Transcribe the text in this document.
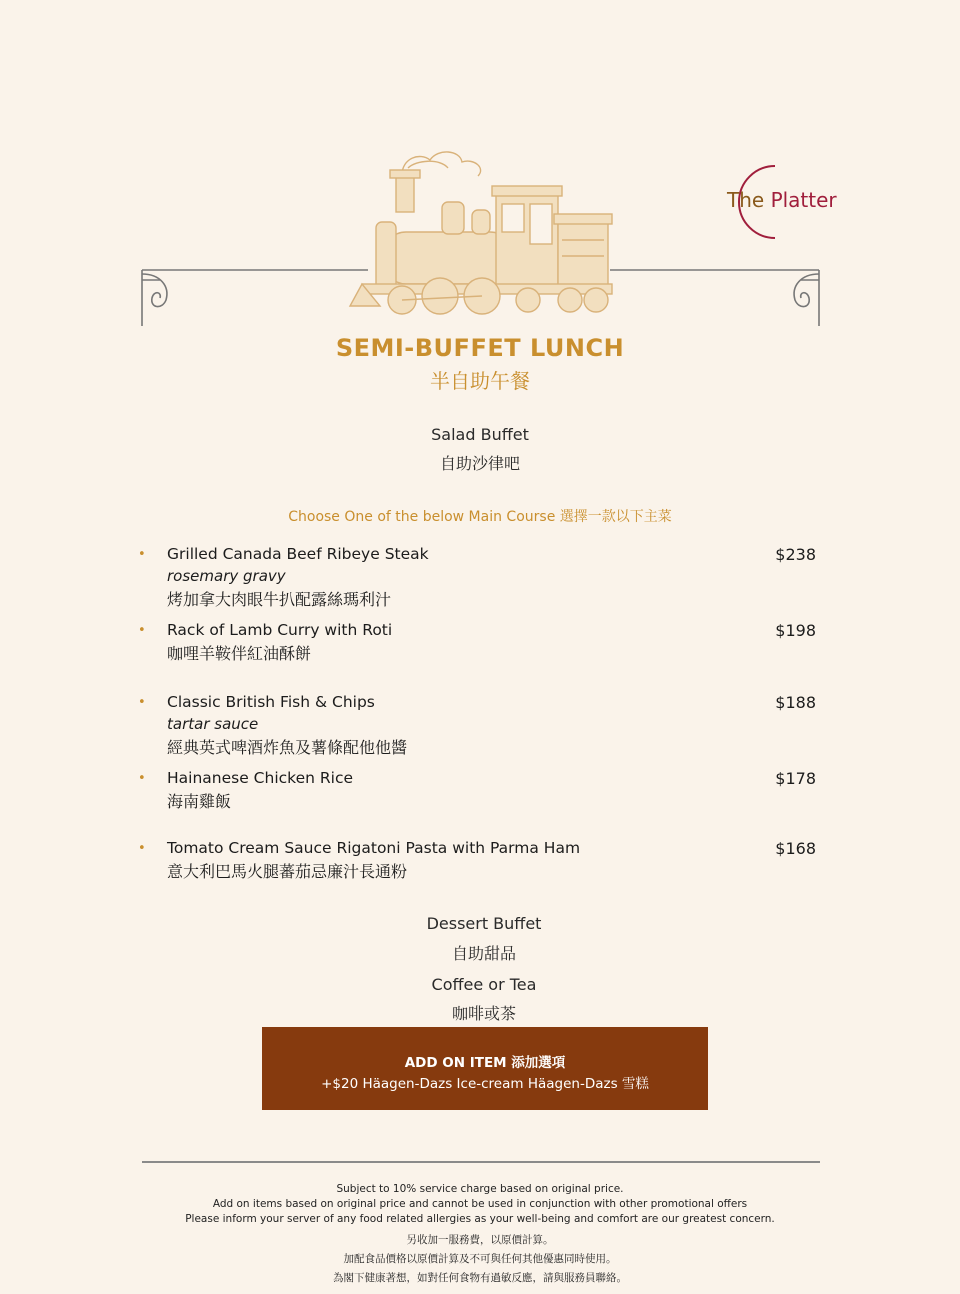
The Platter
SEMI-BUFFET LUNCH
半自助午餐
Salad Buffet
自助沙律吧
Choose One of the below Main Course 選擇一款以下主菜
• Grilled Canada Beef Ribeye Steak
rosemary gravy
烤加拿大肉眼牛扒配露絲瑪利汁
$238
• Rack of Lamb Curry with Roti
咖哩羊鞍伴紅油酥餅
$198
• Classic British Fish & Chips
tartar sauce
經典英式啤酒炸魚及薯條配他他醬
$188
• Hainanese Chicken Rice
海南雞飯
$178
• Tomato Cream Sauce Rigatoni Pasta with Parma Ham
意大利巴馬火腿蕃茄忌廉汁長通粉
$168
Dessert Buffet
自助甜品
Coffee or Tea
咖啡或茶
ADD ON ITEM 添加選項
+$20 Häagen-Dazs Ice-cream Häagen-Dazs 雪糕
Subject to 10% service charge based on original price.
Add on items based on original price and cannot be used in conjunction with other promotional offers
Please inform your server of any food related allergies as your well-being and comfort are our greatest concern.
另收加一服務費，以原價計算。
加配食品價格以原價計算及不可與任何其他優惠同時使用。
為閣下健康著想，如對任何食物有過敏反應，請與服務員聯絡。
